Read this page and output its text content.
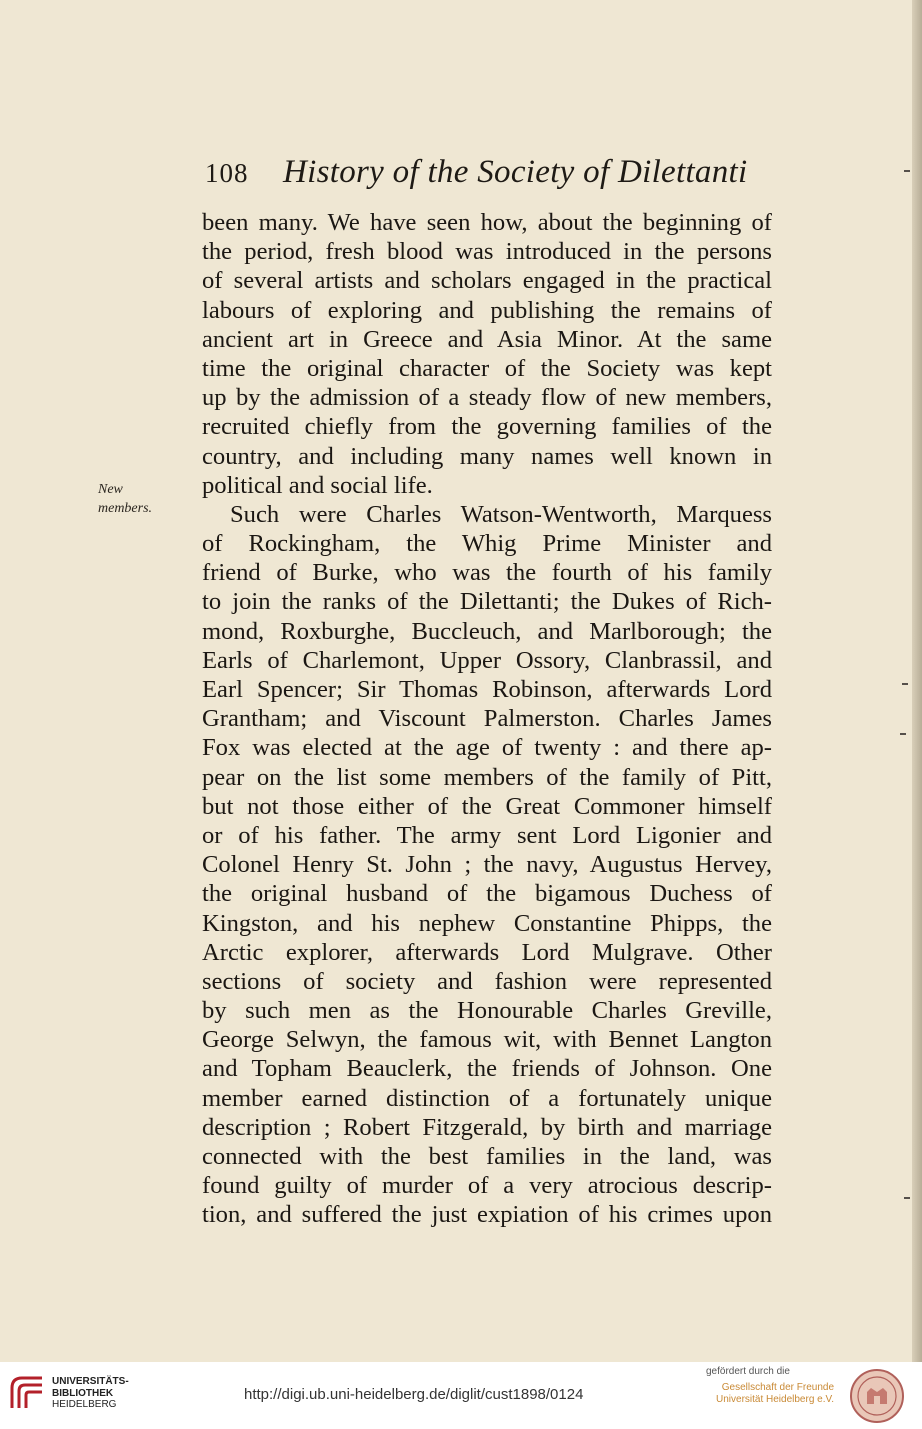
108 History of the Society of Dilettanti
New
members.
been many. We have seen how, about the beginning of
the period, fresh blood was introduced in the persons
of several artists and scholars engaged in the practical
labours of exploring and publishing the remains of
ancient art in Greece and Asia Minor. At the same
time the original character of the Society was kept
up by the admission of a steady flow of new members,
recruited chiefly from the governing families of the
country, and including many names well known in
political and social life.
Such were Charles Watson-Wentworth, Marquess
of Rockingham, the Whig Prime Minister and
friend of Burke, who was the fourth of his family
to join the ranks of the Dilettanti; the Dukes of Rich-
mond, Roxburghe, Buccleuch, and Marlborough; the
Earls of Charlemont, Upper Ossory, Clanbrassil, and
Earl Spencer; Sir Thomas Robinson, afterwards Lord
Grantham; and Viscount Palmerston. Charles James
Fox was elected at the age of twenty : and there ap-
pear on the list some members of the family of Pitt,
but not those either of the Great Commoner himself
or of his father. The army sent Lord Ligonier and
Colonel Henry St. John ; the navy, Augustus Hervey,
the original husband of the bigamous Duchess of
Kingston, and his nephew Constantine Phipps, the
Arctic explorer, afterwards Lord Mulgrave. Other
sections of society and fashion were represented
by such men as the Honourable Charles Greville,
George Selwyn, the famous wit, with Bennet Langton
and Topham Beauclerk, the friends of Johnson. One
member earned distinction of a fortunately unique
description ; Robert Fitzgerald, by birth and marriage
connected with the best families in the land, was
found guilty of murder of a very atrocious descrip-
tion, and suffered the just expiation of his crimes upon
UNIVERSITÄTS-
BIBLIOTHEK
HEIDELBERG
http://digi.ub.uni-heidelberg.de/diglit/cust1898/0124
gefördert durch die
Gesellschaft der Freunde
Universität Heidelberg e.V.
